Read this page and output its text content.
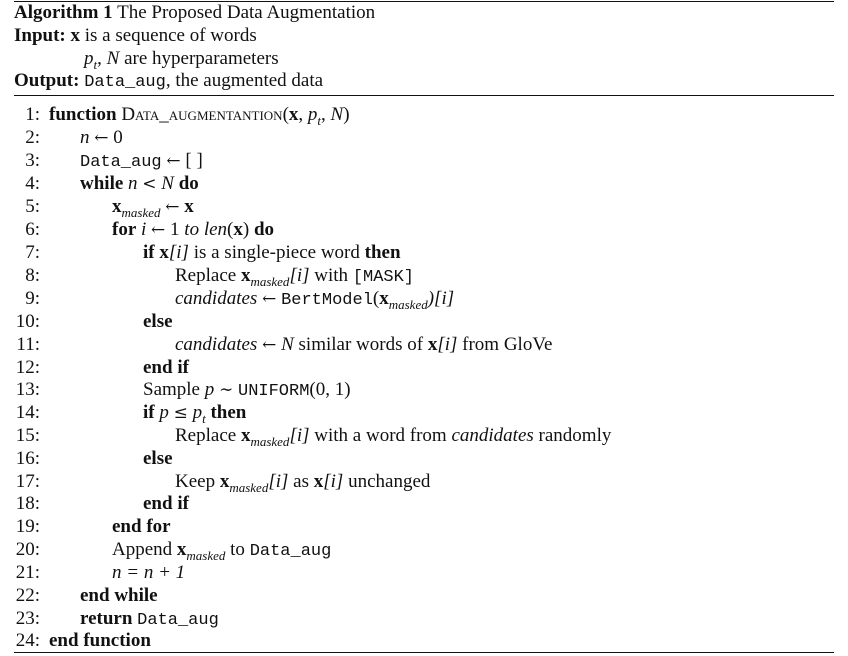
Algorithm 1 The Proposed Data Augmentation
Input: x is a sequence of words
$p_t$, N are hyperparameters
Output: Data_aug, the augmented data
1: function Data_augmentantion(x, $p_t$, N)
2: n ← 0
3: Data_aug ← [ ]
4: while n < N do
5:	$x_{masked}$ ← x
6:	for i ← 1 to len(x) do
7:	if x[i] is a single-piece word then
8:	Replace $x_{masked}[i]$ with [MASK]
9:	candidates ← $BertModel(x_{masked})[i]$
10:	else
11:	candidates ← N similar words of x[i] from GloVe
12:	end if
13:	Sample p ∼ UNIFORM(0, 1)
14:	if $p \le p_t$ then
15:	Replace $x_{masked}[i]$ with a word from candidates randomly
16:	else
17:	Keep $x_{masked}[i]$ as x[i] unchanged
18:	end if
19:	end for
20:	Append $x_{masked}$ to Data_aug
21:	n = n + 1
22: end while
23: return Data_aug
24: end function
